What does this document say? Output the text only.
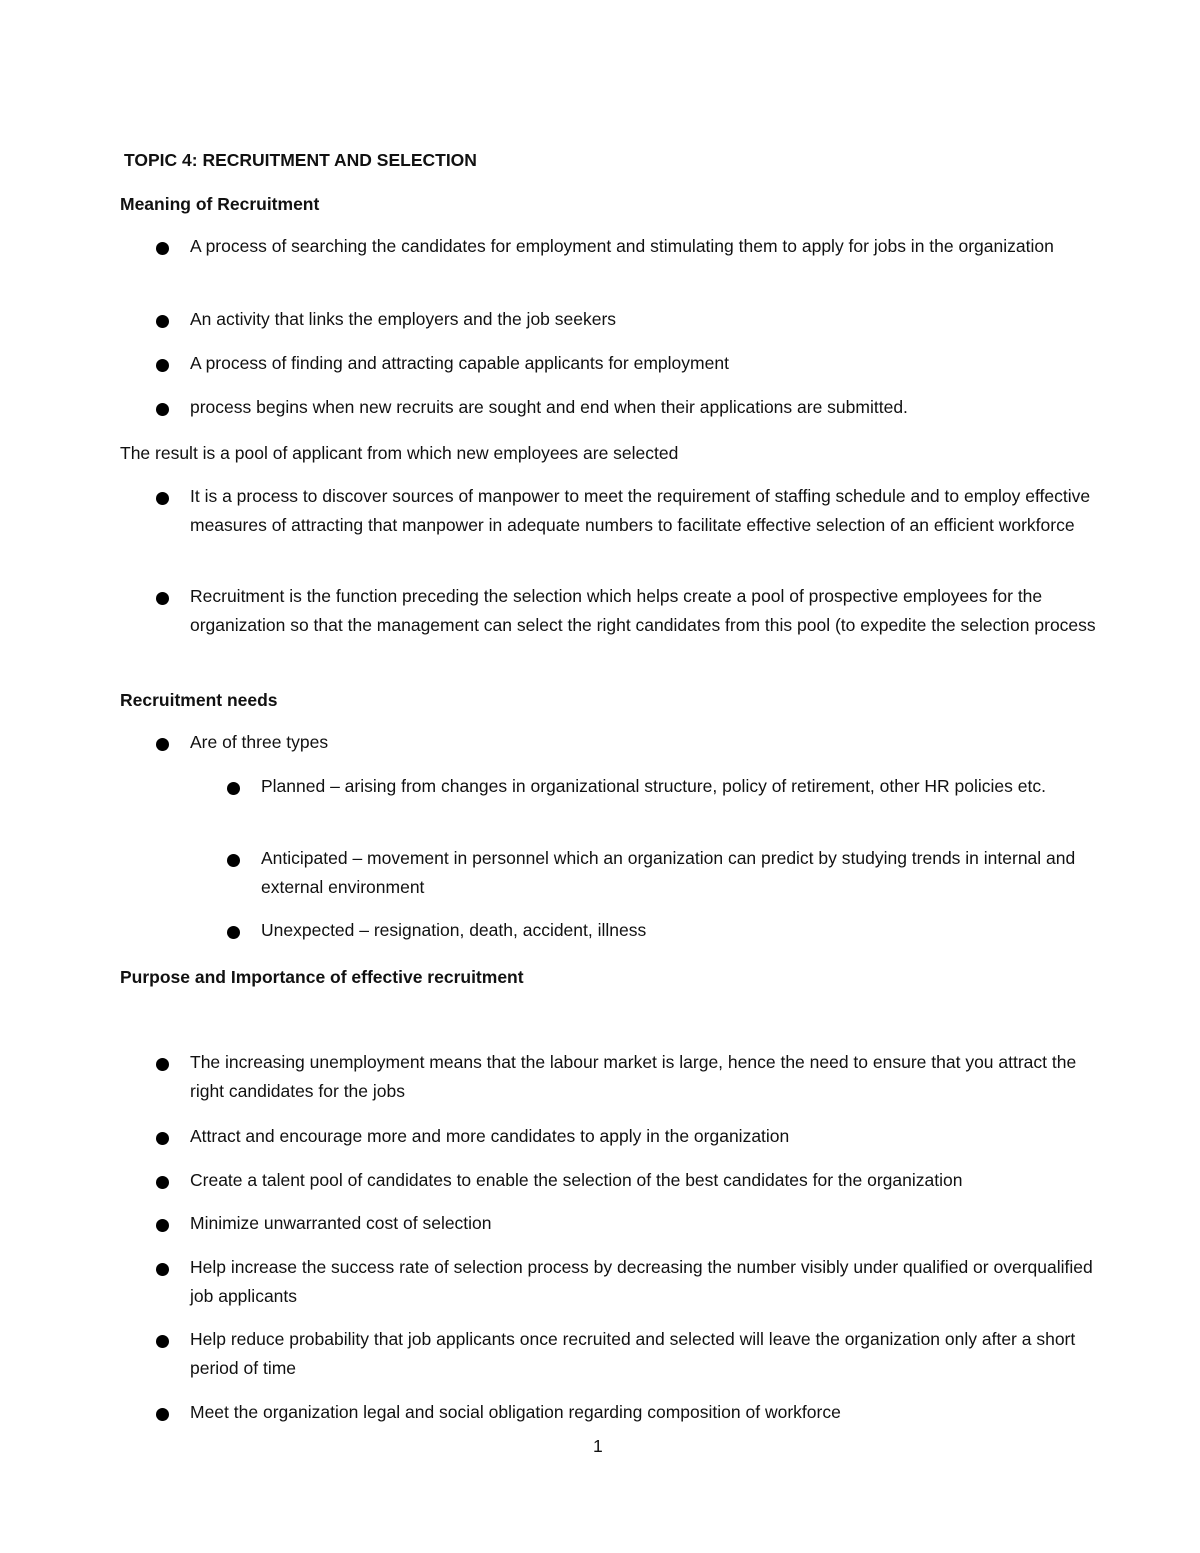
TOPIC 4: RECRUITMENT AND SELECTION

Meaning of Recruitment

A process of searching the candidates for employment and stimulating them to apply for jobs in the organization
An activity that links the employers and the job seekers
A process of finding and attracting capable applicants for employment
process begins when new recruits are sought and end when their applications are submitted.

The result is a pool of applicant from which new employees are selected

It is a process to discover sources of manpower to meet the requirement of staffing schedule and to employ effective measures of attracting that manpower in adequate numbers to facilitate effective selection of an efficient workforce
Recruitment is the function preceding the selection which helps create a pool of prospective employees for the organization so that the management can select the right candidates from this pool (to expedite the selection process

Recruitment needs

Are of three types
Planned – arising from changes in organizational structure, policy of retirement, other HR policies etc.
Anticipated – movement in personnel which an organization can predict by studying trends in internal and external environment
Unexpected – resignation, death, accident, illness

Purpose and Importance of effective recruitment

The increasing unemployment means that the labour market is large, hence the need to ensure that you attract the right candidates for the jobs
Attract and encourage more and more candidates to apply in the organization
Create a talent pool of candidates to enable the selection of the best candidates for the organization
Minimize unwarranted cost of selection
Help increase the success rate of selection process by decreasing the number visibly under qualified or overqualified job applicants
Help reduce probability that job applicants once recruited and selected will leave the organization only after a short period of time
Meet the organization legal and social obligation regarding composition of workforce

1
